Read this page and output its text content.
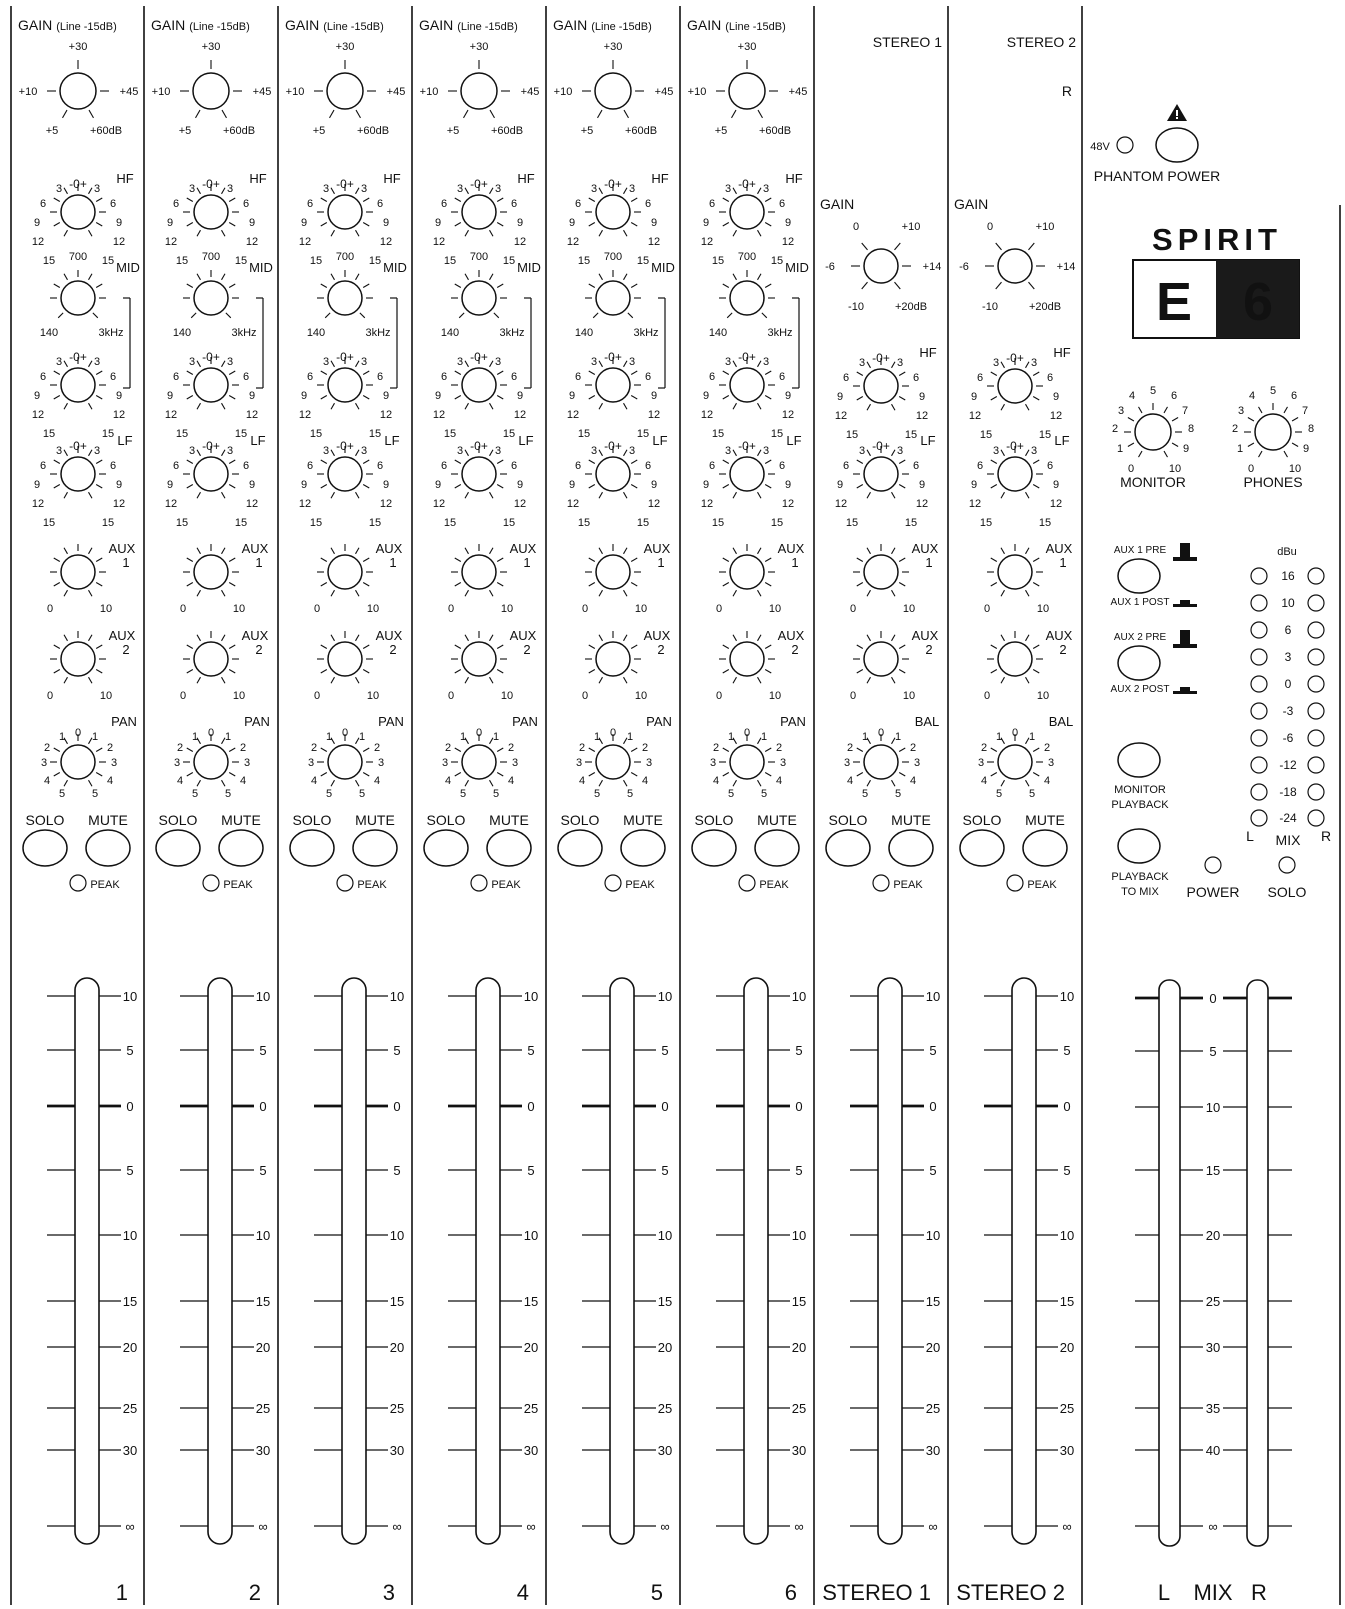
GAIN (Line -15dB)
+30
+10	+45
+5	+60dB
-0+
3	3
6	6
9	9
12	12
15	15
HF
700
MID
140	3kHz
-0+
3	3
6	6
9	9
12	12
15	15
-0+
3	3
6	6
9	9
12	12
15	15
LF
AUX
1
0	10
AUX
2
0	10
0
1 1
2	2
3	3
4	4
5 5
PAN
SOLO MUTE
PEAK
10
5
0
5
10
15
20
25
30
∞
1
GAIN (Line -15dB)
+30
+10	+45
+5	+60dB
-0+
3	3
6	6
9	9
12	12
15	15
HF
700
MID
140	3kHz
-0+
3	3
6	6
9	9
12	12
15	15
-0+
3	3
6	6
9	9
12	12
15	15
LF
AUX
1
0	10
AUX
2
0	10
0
1 1
2	2
3	3
4	4
5 5
PAN
SOLO MUTE
PEAK
10
5
0
5
10
15
20
25
30
∞
2
GAIN (Line -15dB)
+30
+10	+45
+5	+60dB
-0+
3	3
6	6
9	9
12	12
15	15
HF
700
MID
140	3kHz
-0+
3	3
6	6
9	9
12	12
15	15
-0+
3	3
6	6
9	9
12	12
15	15
LF
AUX
1
0	10
AUX
2
0	10
0
1 1
2	2
3	3
4	4
5 5
PAN
SOLO MUTE
PEAK
10
5
0
5
10
15
20
25
30
∞
3
GAIN (Line -15dB)
+30
+10	+45
+5	+60dB
-0+
3	3
6	6
9	9
12	12
15	15
HF
700
MID
140	3kHz
-0+
3	3
6	6
9	9
12	12
15	15
-0+
3	3
6	6
9	9
12	12
15	15
LF
AUX
1
0	10
AUX
2
0	10
0
1 1
2	2
3	3
4	4
5 5
PAN
SOLO MUTE
PEAK
10
5
0
5
10
15
20
25
30
∞
4
GAIN (Line -15dB)
+30
+10	+45
+5	+60dB
-0+
3	3
6	6
9	9
12	12
15	15
HF
700
MID
140	3kHz
-0+
3	3
6	6
9	9
12	12
15	15
-0+
3	3
6	6
9	9
12	12
15	15
LF
AUX
1
0	10
AUX
2
0	10
0
1 1
2	2
3	3
4	4
5 5
PAN
SOLO MUTE
PEAK
10
5
0
5
10
15
20
25
30
∞
5
GAIN (Line -15dB)
+30
+10	+45
+5	+60dB
-0+
3	3
6	6
9	9
12	12
15	15
HF
700
MID
140	3kHz
-0+
3	3
6	6
9	9
12	12
15	15
-0+
3	3
6	6
9	9
12	12
15	15
LF
AUX
1
0	10
AUX
2
0	10
0
1 1
2	2
3	3
4	4
5 5
PAN
SOLO MUTE
PEAK
10
5
0
5
10
15
20
25
30
∞
6
STEREO 1
GAIN
0	+10
-6	+14
-10	+20dB
-0+
3	3
6	6
9	9
12	12
15	15
HF
-0+
3	3
6	6
9	9
12	12
15	15
LF
AUX
1
0	10
AUX
2
0	10
0
1 1
2	2
3	3
4	4
5 5
BAL
SOLO MUTE
PEAK
10
5
0
5
10
15
20
25
30
∞
STEREO 1
STEREO 2
R
GAIN
0	+10
-6	+14
-10	+20dB
-0+
3	3
6	6
9	9
12	12
15	15
HF
-0+
3	3
6	6
9	9
12	12
15	15
LF
AUX
1
0	10
AUX
2
0	10
0
1 1
2	2
3	3
4	4
5 5
BAL
SOLO MUTE
PEAK
10
5
0
5
10
15
20
25
30
∞
STEREO 2
48V
PHANTOM POWER
SPIRIT
E 6
0
1
2
3
4 5 6
7
8
9
10
MONITOR
0
1
2
3
4 5 6
7
8
9
10
PHONES
AUX 1 PRE
AUX 1 POST
AUX 2 PRE
AUX 2 POST
MONITOR
PLAYBACK
PLAYBACK
TO MIX POWER SOLO
dBu
16
10
6
3
0
-3
-6
-12
-18
-24
L MIX R
0
5
10
15
20
25
30
35
40
∞
L MIX R
